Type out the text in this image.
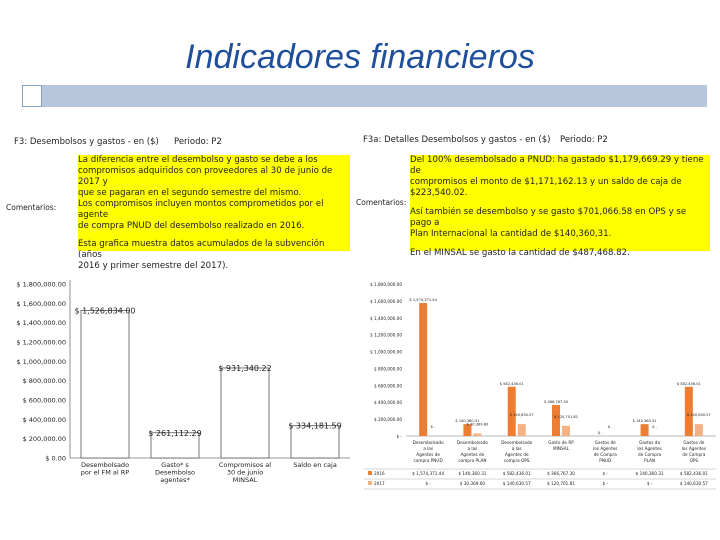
Indicadores financieros
F3: Desembolsos y gastos - en ($) Periodo: P2
Comentarios:

La diferencia entre el desembolso y gasto se debe a los

compromisos adquiridos con proveedores al 30 de junio de 2017 y

que se pagaran en el segundo semestre del mismo.

Los compromisos incluyen montos comprometidos por el agente

de compra PNUD del desembolso realizado en 2016.

Esta grafica muestra datos acumulados de la subvención (años

2016 y primer semestre del 2017).

F3a: Detalles Desembolsos y gastos - en ($) Periodo: P2
Comentarios:

Del 100% desembolsado a PNUD: ha gastado $1,179,669.29 y tiene de

compromisos el monto de $1,171,162.13 y un saldo de caja de

$223,540.02.

Así también se desembolso y se gasto $701,066.58 en OPS y se pago a

Plan Internacional la cantidad de $140,360,31.

En el MINSAL se gasto la cantidad de $487,468.82.

$ 0.00
$ 200,000.00
$ 400,000.00
$ 600,000.00
$ 800,000.00
$ 1,000,000.00
$ 1,200,000.00
$ 1,400,000.00
$ 1,600,000.00
$ 1,800,000.00
$ 1,526,834.00
Desembolsado
por el FM al RP
$ 261,112.29
Gasto* s
Desembolso
agentes*
$ 931,340.22
Compromisos al
30 de junio
MINSAL
$ 334,181.59
Saldo en caja
$ -
$ 200,000.00
$ 400,000.00
$ 600,000.00
$ 800,000.00
$ 1,000,000.00
$ 1,200,000.00
$ 1,400,000.00
$ 1,600,000.00
$ 1,800,000.00
$ 1,574,371.44
$ -
Desembolsado
a las
Agentes de
compra PNUD
$ 140,360.31
$ 30,369.60
Desembolsado
a las
Agentes de
compra PLAN
$ 582,436.01
$ 140,630.57
Desembolsado
a las
Agentes de
compra OPS
$ 366,767.30
$ 120,701.81
Gasto de RP
MINSAL
$ -
$ -
Gastos de
los Agentes
de Compra
PNUD
$ 140,360.31
$ -
Gastos de
los Agentes
de Compra
PLAN
$ 582,436.01
$ 140,630.57
Gastos de
los Agentes
de Compra
OPS
2016	$ 1,574,371.44	$ 140,360.31	$ 582,436.01	$ 366,767.30	$ -	$ 140,360.31	$ 582,436.01
2017	$ -	$ 30,369.60	$ 140,630.57	$ 120,701.81	$ -	$ -	$ 140,630.57
